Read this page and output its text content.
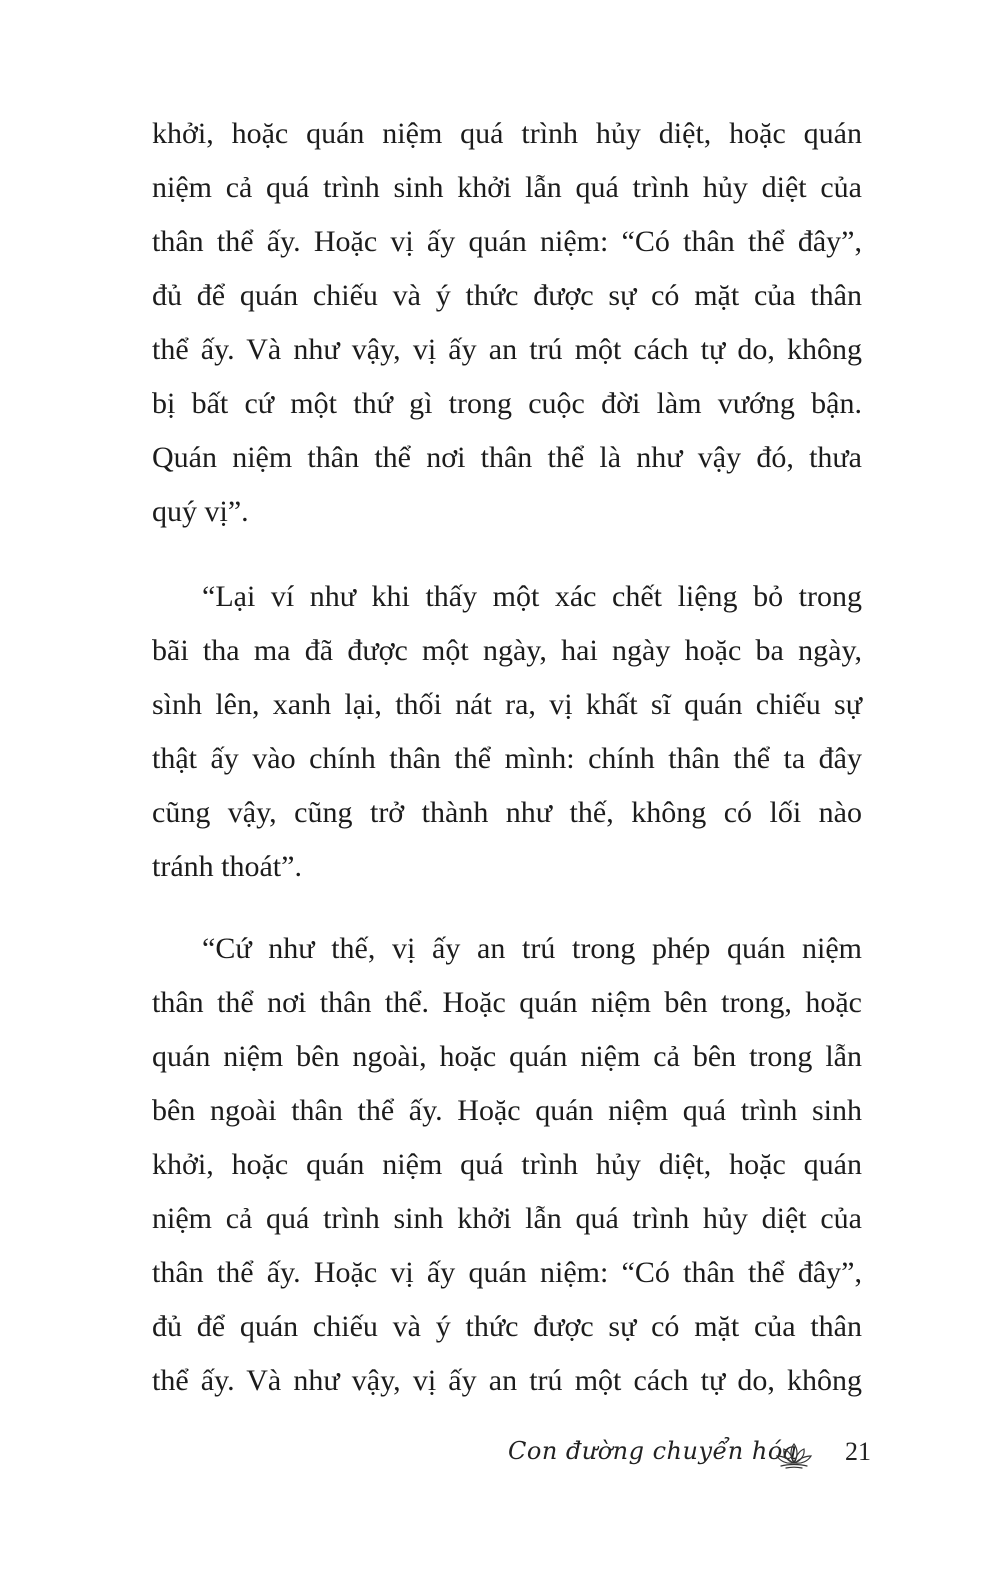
khởi, hoặc quán niệm quá trình hủy diệt, hoặc quán
niệm cả quá trình sinh khởi lẫn quá trình hủy diệt của
thân thể ấy. Hoặc vị ấy quán niệm: “Có thân thể đây”,
đủ để quán chiếu và ý thức được sự có mặt của thân
thể ấy. Và như vậy, vị ấy an trú một cách tự do, không
bị bất cứ một thứ gì trong cuộc đời làm vướng bận.
Quán niệm thân thể nơi thân thể là như vậy đó, thưa
quý vị”.
“Lại ví như khi thấy một xác chết liệng bỏ trong
bãi tha ma đã được một ngày, hai ngày hoặc ba ngày,
sình lên, xanh lại, thối nát ra, vị khất sĩ quán chiếu sự
thật ấy vào chính thân thể mình: chính thân thể ta đây
cũng vậy, cũng trở thành như thế, không có lối nào
tránh thoát”.
“Cứ như thế, vị ấy an trú trong phép quán niệm
thân thể nơi thân thể. Hoặc quán niệm bên trong, hoặc
quán niệm bên ngoài, hoặc quán niệm cả bên trong lẫn
bên ngoài thân thể ấy. Hoặc quán niệm quá trình sinh
khởi, hoặc quán niệm quá trình hủy diệt, hoặc quán
niệm cả quá trình sinh khởi lẫn quá trình hủy diệt của
thân thể ấy. Hoặc vị ấy quán niệm: “Có thân thể đây”,
đủ để quán chiếu và ý thức được sự có mặt của thân
thể ấy. Và như vậy, vị ấy an trú một cách tự do, không
Con đường chuyển hóa 21
